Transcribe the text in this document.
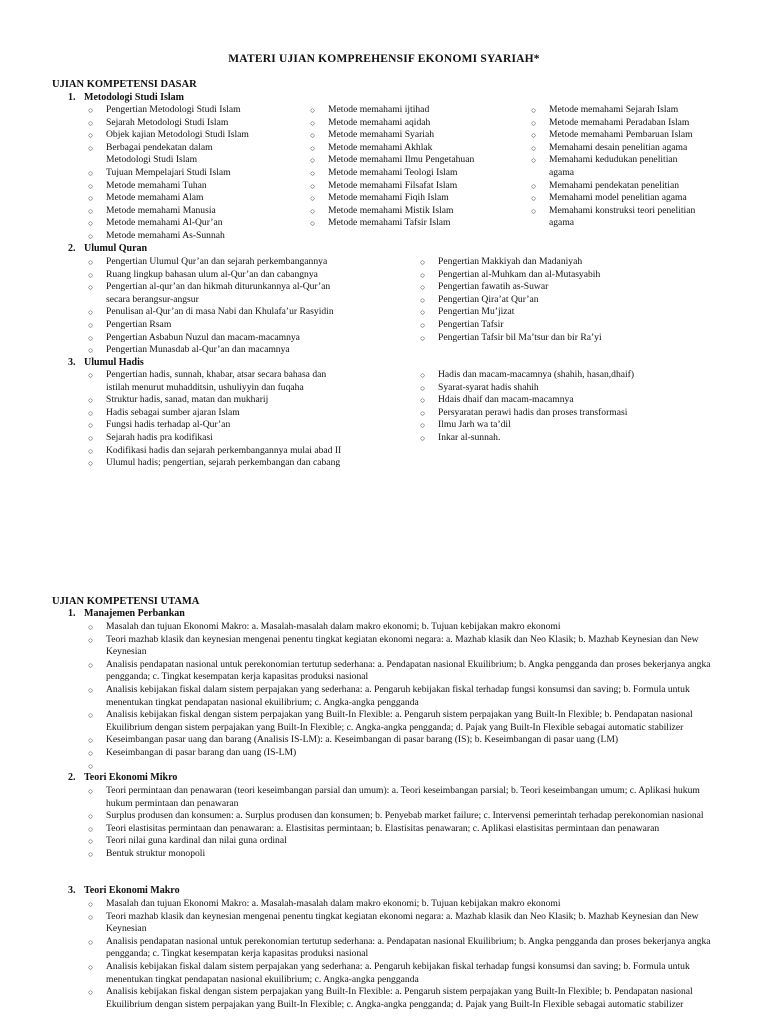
MATERI UJIAN KOMPREHENSIF EKONOMI SYARIAH*
UJIAN KOMPETENSI DASAR
1. Metodologi Studi Islam
○ Pengertian Metodologi Studi Islam
○ Sejarah Metodologi Studi Islam
○ Objek kajian Metodologi Studi Islam
○ Berbagai pendekatan dalam
Metodologi Studi Islam
○ Tujuan Mempelajari Studi Islam
○ Metode memahami Tuhan
○ Metode memahami Alam
○ Metode memahami Manusia
○ Metode memahami Al-Qur’an
○ Metode memahami As-Sunnah
○ Metode memahami ijtihad
○ Metode memahami aqidah
○ Metode memahami Syariah
○ Metode memahami Akhlak
○ Metode memahami Ilmu Pengetahuan
○ Metode memahami Teologi Islam
○ Metode memahami Filsafat Islam
○ Metode memahami Fiqih Islam
○ Metode memahami Mistik Islam
○ Metode memahami Tafsir Islam
○ Metode memahami Sejarah Islam
○ Metode memahami Peradaban Islam
○ Metode memahami Pembaruan Islam
○ Memahami desain penelitian agama
○ Memahami kedudukan penelitian
agama
○ Memahami pendekatan penelitian
○ Memahami model penelitian agama
○ Memahami konstruksi teori penelitian
agama
2. Ulumul Quran
○ Pengertian Ulumul Qur’an dan sejarah perkembangannya
○ Ruang lingkup bahasan ulum al-Qur’an dan cabangnya
○ Pengertian al-qur’an dan hikmah diturunkannya al-Qur’an
secara berangsur-angsur
○ Penulisan al-Qur’an di masa Nabi dan Khulafa’ur Rasyidin
○ Pengertian Rsam
○ Pengertian Asbabun Nuzul dan macam-macamnya
○ Pengertian Munasdab al-Qur’an dan macamnya
○ Pengertian Makkiyah dan Madaniyah
○ Pengertian al-Muhkam dan al-Mutasyabih
○ Pengertian fawatih as-Suwar
○ Pengertian Qira’at Qur’an
○ Pengertian Mu’jizat
○ Pengertian Tafsir
○ Pengertian Tafsir bil Ma’tsur dan bir Ra’yi
3. Ulumul Hadis
○ Pengertian hadis, sunnah, khabar, atsar secara bahasa dan
istilah menurut muhadditsin, ushuliyyin dan fuqaha
○ Struktur hadis, sanad, matan dan mukharij
○ Hadis sebagai sumber ajaran Islam
○ Fungsi hadis terhadap al-Qur’an
○ Sejarah hadis pra kodifikasi
○ Kodifikasi hadis dan sejarah perkembangannya mulai abad II
○ Ulumul hadis; pengertian, sejarah perkembangan dan cabang
○ Hadis dan macam-macamnya (shahih, hasan,dhaif)
○ Syarat-syarat hadis shahih
○ Hdais dhaif dan macam-macamnya
○ Persyaratan perawi hadis dan proses transformasi
○ Ilmu Jarh wa ta’dil
○ Inkar al-sunnah.
UJIAN KOMPETENSI UTAMA
1. Manajemen Perbankan
○ Masalah dan tujuan Ekonomi Makro: a. Masalah-masalah dalam makro ekonomi; b. Tujuan kebijakan makro ekonomi
○ Teori mazhab klasik dan keynesian mengenai penentu tingkat kegiatan ekonomi negara: a. Mazhab klasik dan Neo Klasik; b. Mazhab Keynesian dan New Keynesian
○ Analisis pendapatan nasional untuk perekonomian tertutup sederhana: a. Pendapatan nasional Ekuilibrium; b. Angka pengganda dan proses bekerjanya angka pengganda; c. Tingkat kesempatan kerja kapasitas produksi nasional
○ Analisis kebijakan fiskal dalam sistem perpajakan yang sederhana: a. Pengaruh kebijakan fiskal terhadap fungsi konsumsi dan saving; b. Formula untuk menentukan tingkat pendapatan nasional ekuilibrium; c. Angka-angka pengganda
○ Analisis kebijakan fiskal dengan sistem perpajakan yang Built-In Flexible: a. Pengaruh sistem perpajakan yang Built-In Flexible; b. Pendapatan nasional Ekuilibrium dengan sistem perpajakan yang Built-In Flexible; c. Angka-angka pengganda; d. Pajak yang Built-In Flexible sebagai automatic stabilizer
○ Keseimbangan pasar uang dan barang (Analisis IS-LM): a. Keseimbangan di pasar barang (IS); b. Keseimbangan di pasar uang (LM)
○ Keseimbangan di pasar barang dan uang (IS-LM)
2. Teori Ekonomi Mikro
○ Teori permintaan dan penawaran (teori keseimbangan parsial dan umum): a. Teori keseimbangan parsial; b. Teori keseimbangan umum; c. Aplikasi hukum hukum permintaan dan penawaran
○ Surplus produsen dan konsumen: a. Surplus produsen dan konsumen; b. Penyebab market failure; c. Intervensi pemerintah terhadap perekonomian nasional
○ Teori elastisitas permintaan dan penawaran: a. Elastisitas permintaan; b. Elastisitas penawaran; c. Aplikasi elastisitas permintaan dan penawaran
○ Teori nilai guna kardinal dan nilai guna ordinal
○ Bentuk struktur monopoli
3. Teori Ekonomi Makro
○ Masalah dan tujuan Ekonomi Makro: a. Masalah-masalah dalam makro ekonomi; b. Tujuan kebijakan makro ekonomi
○ Teori mazhab klasik dan keynesian mengenai penentu tingkat kegiatan ekonomi negara: a. Mazhab klasik dan Neo Klasik; b. Mazhab Keynesian dan New Keynesian
○ Analisis pendapatan nasional untuk perekonomian tertutup sederhana: a. Pendapatan nasional Ekuilibrium; b. Angka pengganda dan proses bekerjanya angka pengganda; c. Tingkat kesempatan kerja kapasitas produksi nasional
○ Analisis kebijakan fiskal dalam sistem perpajakan yang sederhana: a. Pengaruh kebijakan fiskal terhadap fungsi konsumsi dan saving; b. Formula untuk menentukan tingkat pendapatan nasional ekuilibrium; c. Angka-angka pengganda
○ Analisis kebijakan fiskal dengan sistem perpajakan yang Built-In Flexible: a. Pengaruh sistem perpajakan yang Built-In Flexible; b. Pendapatan nasional Ekuilibrium dengan sistem perpajakan yang Built-In Flexible; c. Angka-angka pengganda; d. Pajak yang Built-In Flexible sebagai automatic stabilizer
